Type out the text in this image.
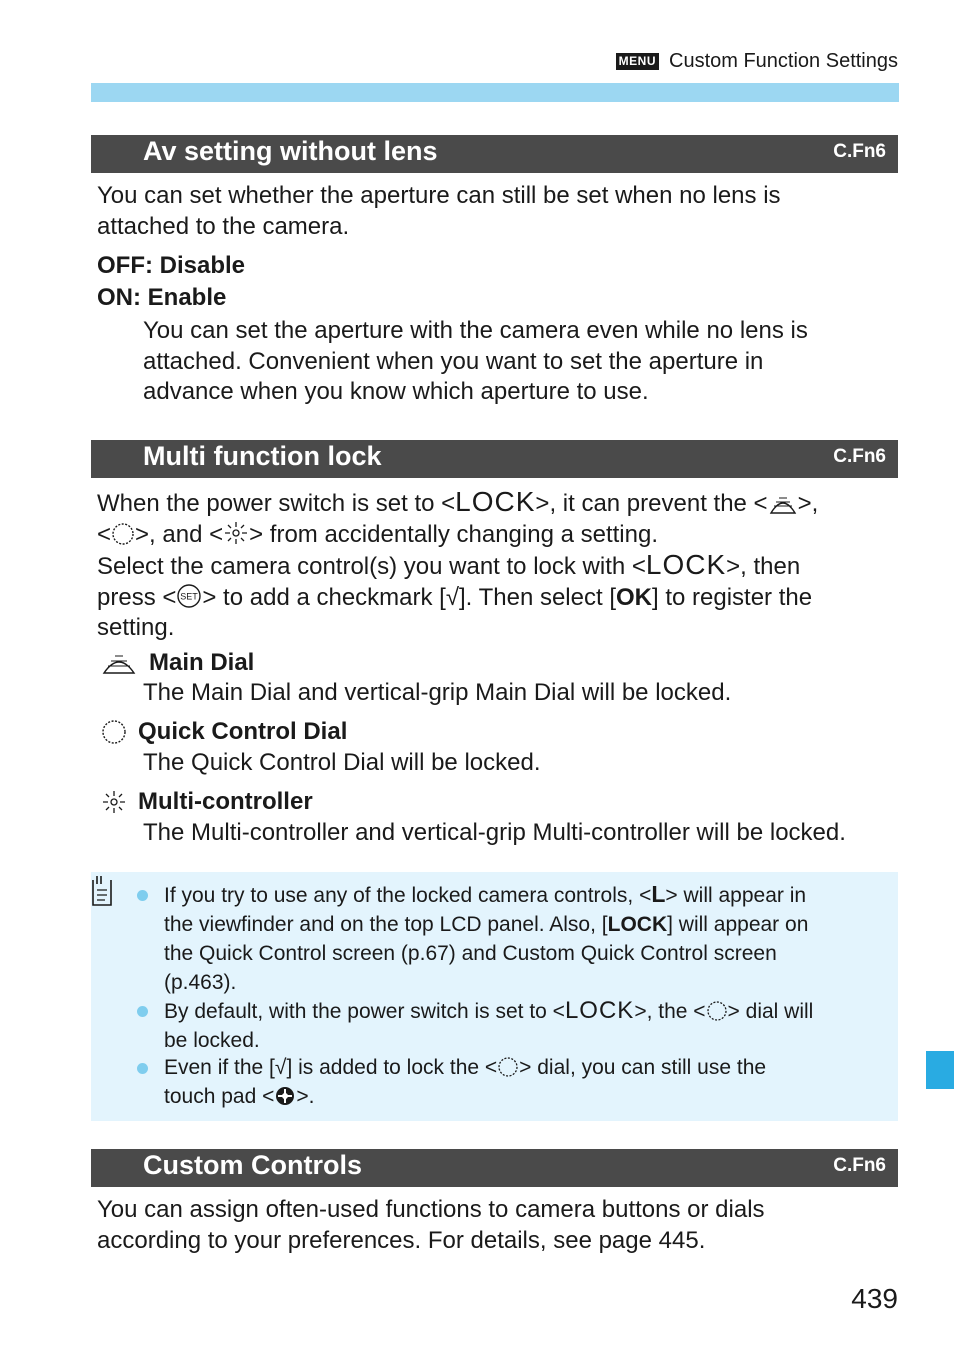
MENU Custom Function Settings
Av setting without lens	C.Fn6
You can set whether the aperture can still be set when no lens is
attached to the camera.
OFF: Disable
ON: Enable
You can set the aperture with the camera even while no lens is
attached. Convenient when you want to set the aperture in
advance when you know which aperture to use.
Multi function lock	C.Fn6
When the power switch is set to <LOCK>, it can prevent the < >,
< >, and < > from accidentally changing a setting.
Select the camera control(s) you want to lock with <LOCK>, then
press < SET > to add a checkmark [√]. Then select [OK] to register the
setting.
Main Dial
The Main Dial and vertical-grip Main Dial will be locked.
Quick Control Dial
The Quick Control Dial will be locked.
Multi-controller
The Multi-controller and vertical-grip Multi-controller will be locked.
If you try to use any of the locked camera controls, <L> will appear in
the viewfinder and on the top LCD panel. Also, [LOCK] will appear on
the Quick Control screen (p.67) and Custom Quick Control screen
(p.463).
By default, with the power switch is set to <LOCK>, the < > dial will
be locked.
Even if the [√] is added to lock the < > dial, you can still use the
touch pad < >.
Custom Controls	C.Fn6
You can assign often-used functions to camera buttons or dials
according to your preferences. For details, see page 445.
439
